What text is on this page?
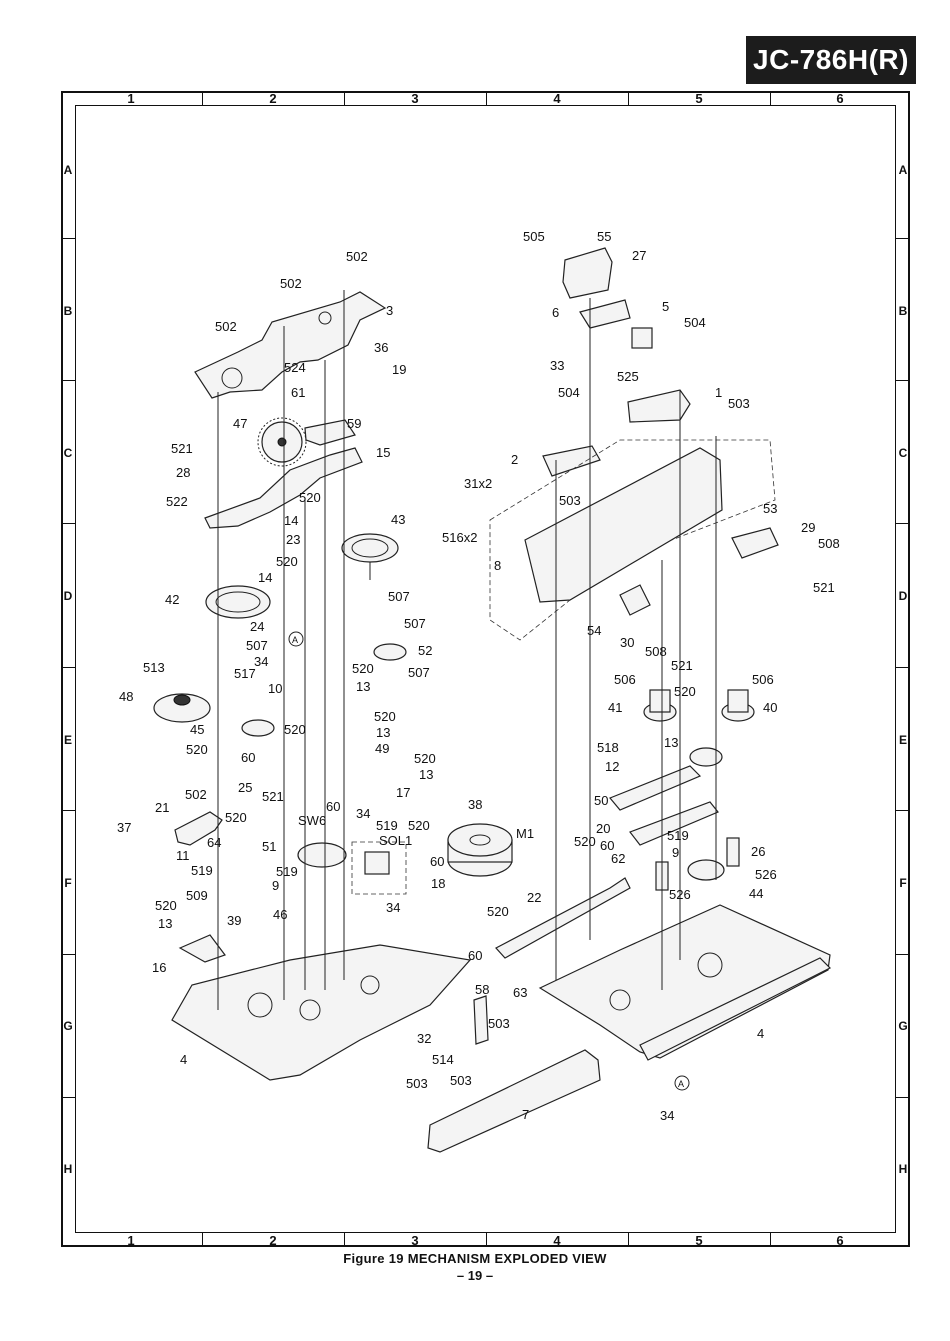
JC-786H(R)
1	2	3	4	5	6
1	2	3	4	5	6
A
B
C
D
E
F
G
H
A
B
C
D
E
F
G
H
502
502
502
3
36
524	19
61
47	59
521	15
28
522	520
14	43
23
520
14
42	507
24
A
507
507	52
34
513	517	520	507
10	13
48
45
520
13
520
49
520
520
60
13
25
521	17
502
60	38
21	34
520	SW6	519 520
37
SOL1	M1
64	51
11	60
9
519	519
18
509
520	34
39 46
13
16
4
58
503
32
514
503 503
7
505	55
27
6	5
504
33
525
504	1
503
2
31x2
503
516x2
53
29
508
8
521
54
30
508
521
506
520
506
41	40
518	13
12
50
20	519
520 60	9	26
62
526
526	44
22
520
60
63
4
A
34
Figure 19 MECHANISM EXPLODED VIEW
– 19 –
